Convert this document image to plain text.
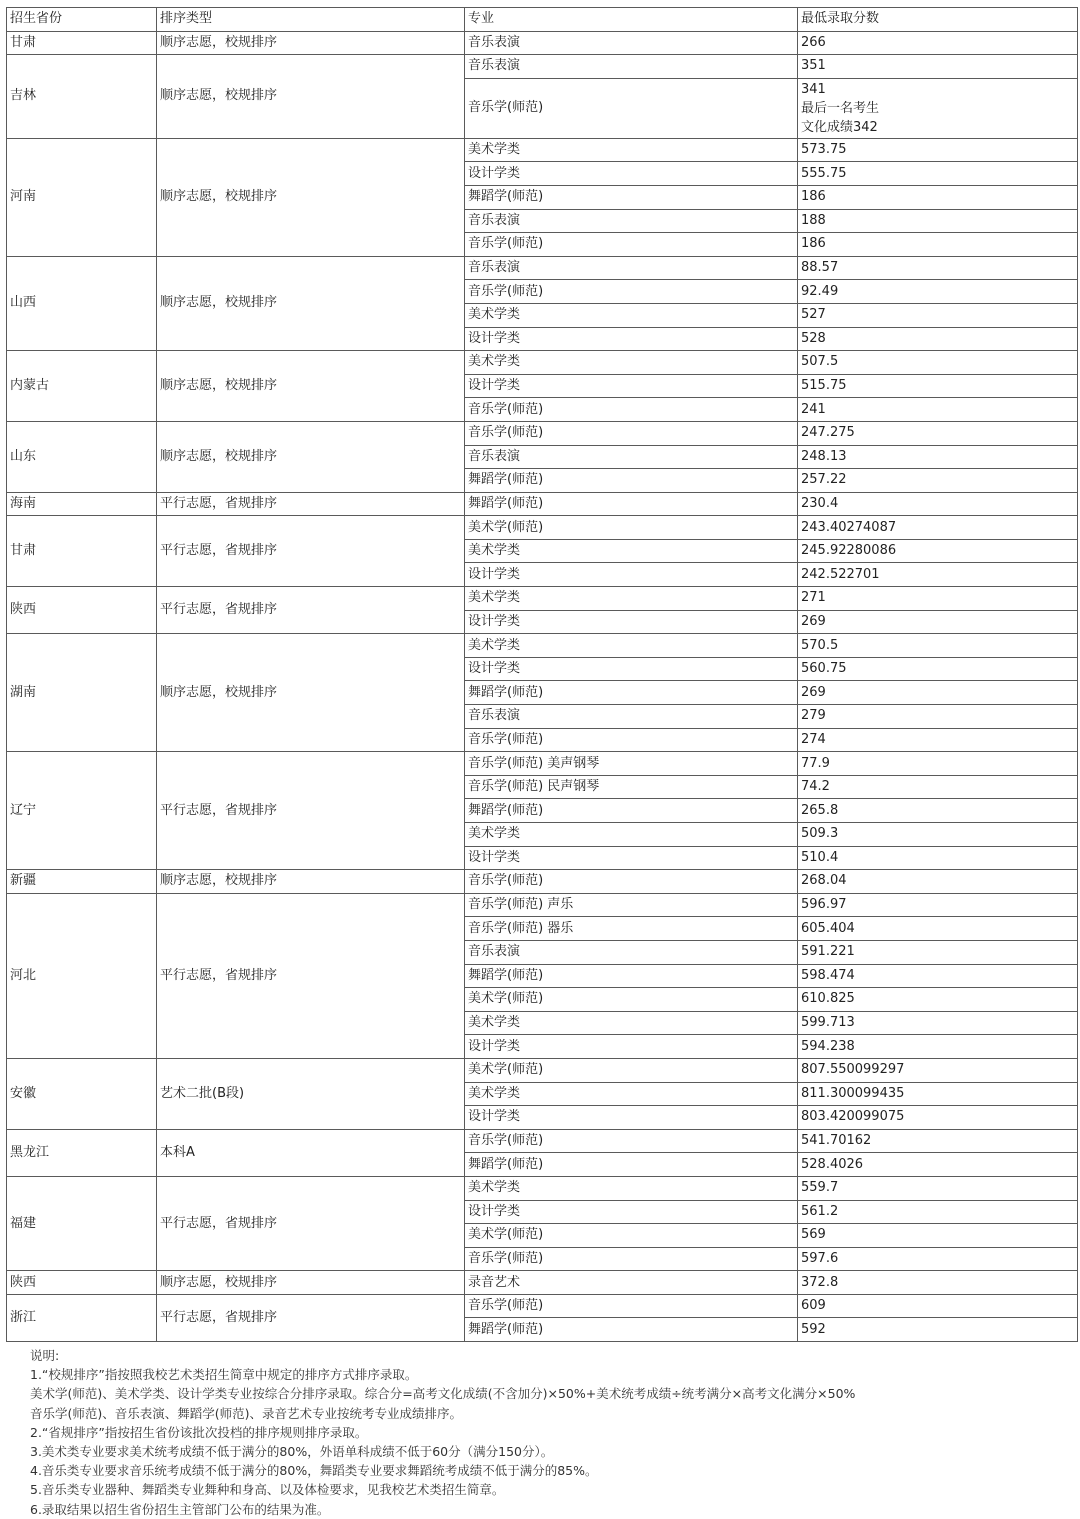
招生省份	排序类型	专业	最低录取分数
甘肃	顺序志愿，校规排序	音乐表演	266
吉林	顺序志愿，校规排序	音乐表演	351
		音乐学(师范)	341
最后一名考生
文化成绩342
河南	顺序志愿，校规排序	美术学类	573.75
		设计学类	555.75
		舞蹈学(师范)	186
		音乐表演	188
		音乐学(师范)	186
山西	顺序志愿，校规排序	音乐表演	88.57
		音乐学(师范)	92.49
		美术学类	527
		设计学类	528
内蒙古	顺序志愿，校规排序	美术学类	507.5
		设计学类	515.75
		音乐学(师范)	241
山东	顺序志愿，校规排序	音乐学(师范)	247.275
		音乐表演	248.13
		舞蹈学(师范)	257.22
海南	平行志愿，省规排序	舞蹈学(师范)	230.4
甘肃	平行志愿，省规排序	美术学(师范)	243.40274087
		美术学类	245.92280086
		设计学类	242.522701
陕西	平行志愿，省规排序	美术学类	271
		设计学类	269
湖南	顺序志愿，校规排序	美术学类	570.5
		设计学类	560.75
		舞蹈学(师范)	269
		音乐表演	279
		音乐学(师范)	274
辽宁	平行志愿，省规排序	音乐学(师范) 美声钢琴	77.9
		音乐学(师范) 民声钢琴	74.2
		舞蹈学(师范)	265.8
		美术学类	509.3
		设计学类	510.4
新疆	顺序志愿，校规排序	音乐学(师范)	268.04
河北	平行志愿，省规排序	音乐学(师范) 声乐	596.97
		音乐学(师范) 器乐	605.404
		音乐表演	591.221
		舞蹈学(师范)	598.474
		美术学(师范)	610.825
		美术学类	599.713
		设计学类	594.238
安徽	艺术二批(B段)	美术学(师范)	807.550099297
		美术学类	811.300099435
		设计学类	803.420099075
黑龙江	本科A	音乐学(师范)	541.70162
		舞蹈学(师范)	528.4026
福建	平行志愿，省规排序	美术学类	559.7
		设计学类	561.2
		美术学(师范)	569
		音乐学(师范)	597.6
陕西	顺序志愿，校规排序	录音艺术	372.8
浙江	平行志愿，省规排序	音乐学(师范)	609
		舞蹈学(师范)	592
说明:
1.“校规排序”指按照我校艺术类招生简章中规定的排序方式排序录取。
美术学(师范)、美术学类、设计学类专业按综合分排序录取。综合分=高考文化成绩(不含加分)×50%+美术统考成绩÷统考满分×高考文化满分×50%
音乐学(师范)、音乐表演、舞蹈学(师范)、录音艺术专业按统考专业成绩排序。
2.“省规排序”指按招生省份该批次投档的排序规则排序录取。
3.美术类专业要求美术统考成绩不低于满分的80%，外语单科成绩不低于60分（满分150分）。
4.音乐类专业要求音乐统考成绩不低于满分的80%，舞蹈类专业要求舞蹈统考成绩不低于满分的85%。
5.音乐类专业器种、舞蹈类专业舞种和身高、以及体检要求，见我校艺术类招生简章。
6.录取结果以招生省份招生主管部门公布的结果为准。
